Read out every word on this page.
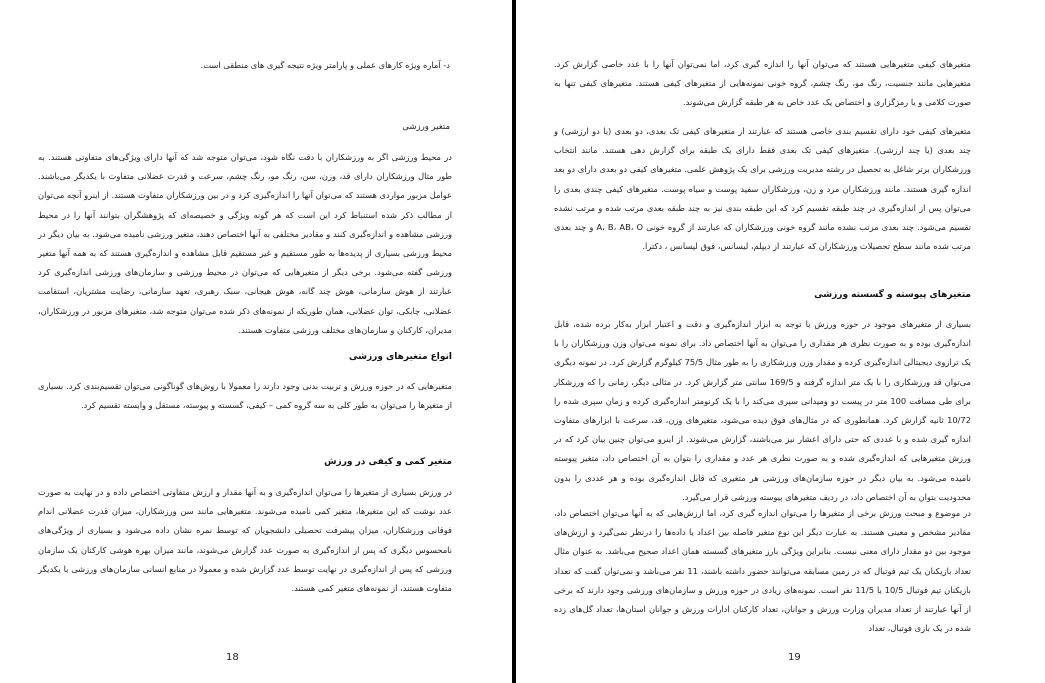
د- آماره ویژه کارهای عملی و پارامتر ویژه نتیجه گیری های منطقی است.
متغیر ورزشی
در محیط ورزشی اگر به ورزشکاران با دقت نگاه شود، می‌توان متوجه شد که آنها دارای ویژگی‌های متفاوتی هستند. به طور مثال ورزشکاران دارای قد، وزن، سن، رنگ مو، رنگ چشم، سرعت و قدرت عضلانی متفاوت با یکدیگر می‌باشند. عوامل مزبور مواردی هستند که می‌توان آنها را اندازه‌گیری کرد و در بین ورزشکاران متفاوت هستند. از اینرو آنچه می‌توان از مطالب ذکر شده استنباط کرد این است که هر گونه ویژگی و خصیصه‌ای که پژوهشگران بتوانند آنها را در محیط ورزشی مشاهده و اندازه‌گیری کنند و مقادیر مختلفی به آنها اختصاص دهند، متغیر ورزشی نامیده می‌شود. به بیان دیگر در محیط ورزشی بسیاری از پدیده‌ها به طور مستقیم و غیر مستقیم قابل مشاهده و اندازه‌گیری هستند که به همه آنها متغیر ورزشی گفته می‌شود. برخی دیگر از متغیرهایی که می‌توان در محیط ورزشی و سازمان‌های ورزشی اندازه‌گیری کرد عبارتند از هوش سازمانی، هوش چند گانه، هوش هیجانی، سبک رهبری، تعهد سازمانی، رضایت مشتریان، استقامت عضلانی، چابکی، توان عضلانی، همان طوریکه از نمونه‌های ذکر شده می‌توان متوجه شد، متغیرهای مزبور در ورزشکاران، مدیران، کارکنان و سازمان‌های مختلف ورزشی متفاوت هستند.
انواع متغیرهای ورزشی
متغیرهایی که در حوزه ورزش و تربیت بدنی وجود دارند را معمولا با روش‌های گوناگونی می‌توان تقسیم‌بندی کرد. بسیاری از متغیرها را می‌توان به طور کلی به سه گروه کمی – کیفی، گسسته و پیوسته، مستقل و وابسته تقسیم کرد.
متغیر کمی و کیفی در ورزش
در ورزش بسیاری از متغیرها را می‌توان اندازه‌گیری و به آنها مقدار و ارزش متفاوتی اختصاص داده و در نهایت به صورت عدد نوشت که این متغیرها، متغیر کمی نامیده می‌شوند. متغیرهایی مانند سن ورزشکاران، میزان قدرت عضلانی اندام فوقانی ورزشکاران، میزان پیشرفت تحصیلی دانشجویان که توسط نمره نشان داده می‌شود و بسیاری از ویژگی‌های نامحسوس دیگری که پس از اندازه‌گیری به صورت عدد گزارش می‌شوند، مانند میزان بهره هوشی کارکنان یک سازمان ورزشی که پس از اندازه‌گیری در نهایت توسط عدد گزارش شده و معمولا در منابع انسانی سازمان‌های ورزشی با یکدیگر متفاوت هستند، از نمونه‌های متغیر کمی هستند.
18
متغیرهای کیفی متغیرهایی هستند که می‌توان آنها را اندازه گیری کرد، اما نمی‌توان آنها را با عدد خاصی گزارش کرد. متغیرهایی مانند جنسیت، رنگ مو، رنگ چشم، گروه خونی نمونه‌هایی از متغیرهای کیفی هستند. متغیرهای کیفی تنها به صورت کلامی و یا رمزگزاری و اختصاص یک عدد خاص به هر طبقه گزارش می‌شوند.
متغیرهای کیفی خود دارای تقسیم بندی خاصی هستند که عبارتند از متغیرهای کیفی تک بعدی، دو بعدی (یا دو ارزشی) و چند بعدی (یا چند ارزشی). متغیرهای کیفی تک بعدی فقط دارای یک طبقه برای گزارش دهی هستند. مانند انتخاب ورزشکاران برتر شاغل به تحصیل در رشته مدیریت ورزشی برای یک پژوهش علمی. متغیرهای کیفی دو بعدی دارای دو بعد اندازه گیری هستند. مانند ورزشکاران مرد و زن، ورزشکاران سفید پوست و سیاه پوست. متغیرهای کیفی چندی بعدی را می‌توان پس از اندازه‌گیری در چند طبقه تقسیم کرد که این طبقه بندی نیز به چند طبقه بعدی مرتب شده و مرتب نشده تقسیم می‌شود. چند بعدی مرتب نشده مانند گروه خونی ورزشکاران که عبارتند از گروه خونی A، B، AB، O و چند بعدی مرتب شده مانند سطح تحصیلات ورزشکاران که عبارتند از دیپلم، لیسانس، فوق لیسانس ، دکترا.
متغیرهای پیوسته و گسسته ورزشی
بسیاری از متغیرهای موجود در حوزه ورزش با توجه به ابزار اندازه‌گیری و دقت و اعتبار ابزار به‌کار برده شده، قابل اندازه‌گیری بوده و به صورت نظری هر مقداری را می‌توان به آنها اختصاص داد. برای نمونه می‌توان وزن ورزشکاران را با یک ترازوی دیجیتالی اندازه‌گیری کرده و مقدار وزن ورزشکاری را به طور مثال 75/5 کیلوگرم گزارش کرد. در نمونه دیگری می‌توان قد ورزشکاری را با یک متر اندازه گرفته و 169/5 سانتی متر گزارش کرد. در مثالی دیگر، زمانی را که ورزشکار برای طی مسافت 100 متر در پیست دو ومیدانی سپری می‌کند را با یک کرنومتر اندازه‌گیری کرده و زمان سپری شده را 10/72 ثانیه گزارش کرد. همانطوری که در مثال‌های فوق دیده می‌شود، متغیرهای وزن، قد، سرعت با ابزارهای متفاوت اندازه گیری شده و با عددی که حتی دارای اعشار نیز می‌باشند، گزارش می‌شوند. از اینرو می‌توان چنین بیان کرد که در ورزش متغیرهایی که اندازه‌گیری شده و به صورت نظری هر عدد و مقداری را بتوان به آن اختصاص داد، متغیر پیوسته نامیده می‌شود. به بیان دیگر در حوزه سازمان‌های ورزشی هر متغیری که قابل اندازه‌گیری بوده و هر عددی را بدون محدودیت بتوان به آن اختصاص داد، در ردیف متغیرهای پیوسته ورزشی قرار می‌گیرد.
در موضوع و مبحث ورزش برخی از متغیرها را می‌توان اندازه گیری کرد، اما ارزش‌هایی که به آنها می‌توان اختصاص داد، مقادیر مشخص و معینی هستند. به عبارت دیگر این نوع متغیر فاصله بین اعداد یا داده‌ها را درنظر نمی‌گیرد و ارزش‌های موجود بین دو مقدار دارای معنی نیست. بنابراین ویژگی بارز متغیرهای گسسته همان اعداد صحیح می‌باشد. به عنوان مثال تعداد بازیکنان یک تیم فوتبال که در زمین مسابقه می‌توانند حضور داشته باشند، 11 نفر می‌باشد و نمی‌توان گفت که تعداد بازیکنان تیم فوتبال 10/5 یا 11/5 نفر است. نمونه‌های زیادی در حوزه ورزش و سازمان‌های ورزشی وجود دارند که برخی از آنها عبارتند از تعداد مدیران وزارت ورزش و جوانان، تعداد کارکنان ادارات ورزش و جوانان استان‌ها، تعداد گل‌های زده شده در یک بازی فوتبال، تعداد
19
